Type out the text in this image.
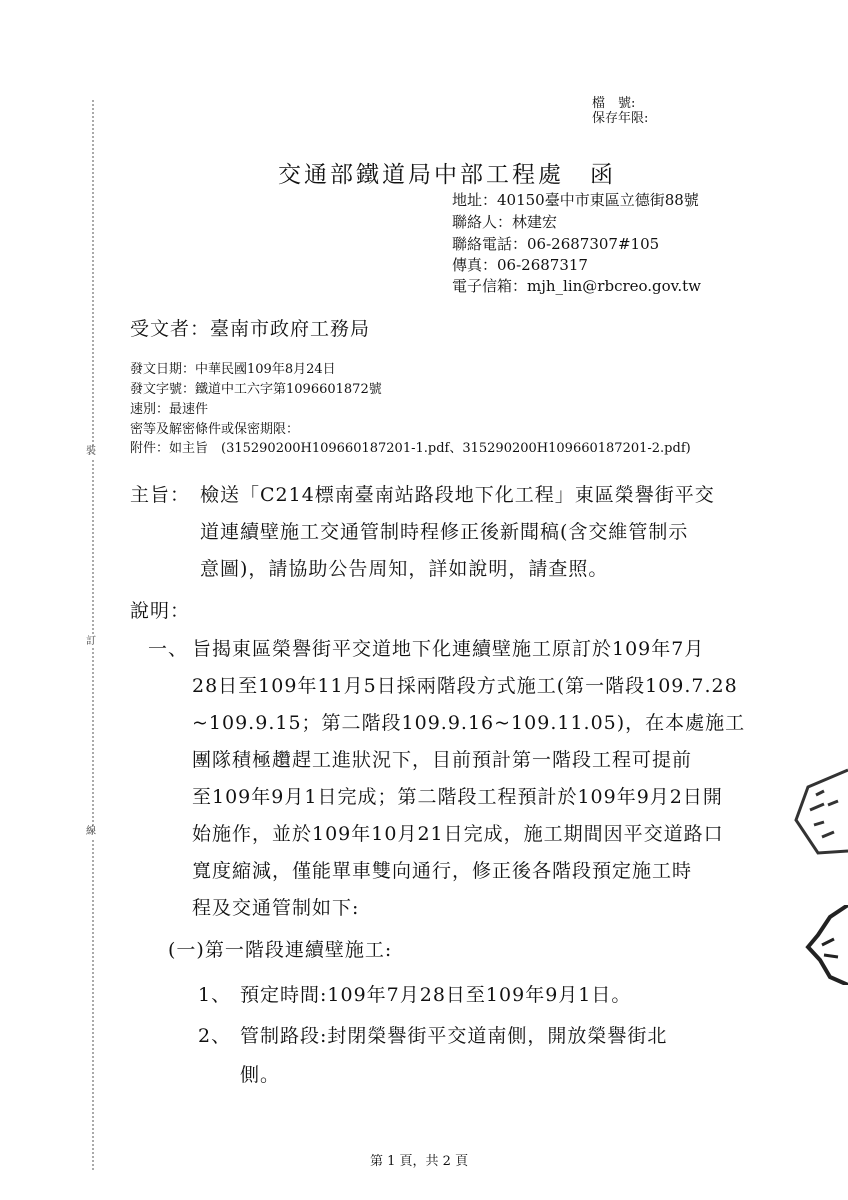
裝
訂
線
檔　號:
保存年限:
交通部鐵道局中部工程處　函
地址：40150臺中市東區立德街88號
聯絡人：林建宏
聯絡電話：06-2687307#105
傳真：06-2687317
電子信箱：mjh_lin@rbcreo.gov.tw
受文者：臺南市政府工務局
發文日期：中華民國109年8月24日
發文字號：鐵道中工六字第1096601872號
速別：最速件
密等及解密條件或保密期限：
附件：如主旨　(315290200H109660187201-1.pdf、315290200H109660187201-2.pdf)
主旨： 檢送「C214標南臺南站路段地下化工程」東區榮譽街平交
道連續壁施工交通管制時程修正後新聞稿(含交維管制示
意圖)，請協助公告周知，詳如說明，請查照。
說明：
一、 旨揭東區榮譽街平交道地下化連續壁施工原訂於109年7月
28日至109年11月5日採兩階段方式施工(第一階段109.7.28
~109.9.15；第二階段109.9.16~109.11.05)，在本處施工
團隊積極趲趕工進狀況下，目前預計第一階段工程可提前
至109年9月1日完成；第二階段工程預計於109年9月2日開
始施作，並於109年10月21日完成，施工期間因平交道路口
寬度縮減，僅能單車雙向通行，修正後各階段預定施工時
程及交通管制如下:
(一)第一階段連續壁施工:
1、 預定時間:109年7月28日至109年9月1日。
2、 管制路段:封閉榮譽街平交道南側，開放榮譽街北
側。
第 1 頁，共 2 頁
